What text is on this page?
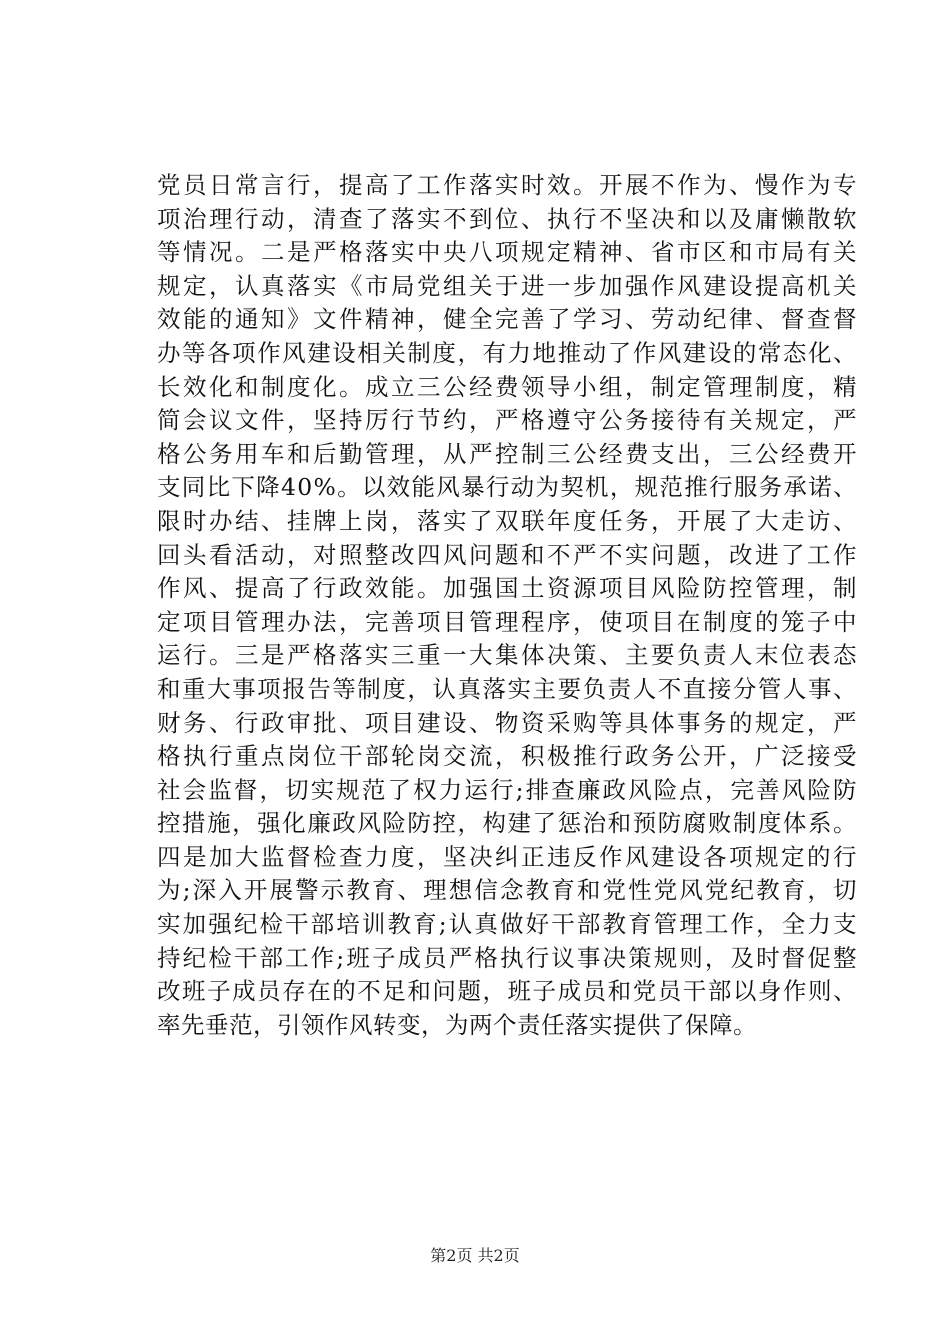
党员日常言行，提高了工作落实时效。开展不作为、慢作为专
项治理行动，清查了落实不到位、执行不坚决和以及庸懒散软
等情况。二是严格落实中央八项规定精神、省市区和市局有关
规定，认真落实《市局党组关于进一步加强作风建设提高机关
效能的通知》文件精神，健全完善了学习、劳动纪律、督查督
办等各项作风建设相关制度，有力地推动了作风建设的常态化、
长效化和制度化。成立三公经费领导小组，制定管理制度，精
简会议文件，坚持厉行节约，严格遵守公务接待有关规定，严
格公务用车和后勤管理，从严控制三公经费支出，三公经费开
支同比下降40%。以效能风暴行动为契机，规范推行服务承诺、
限时办结、挂牌上岗，落实了双联年度任务，开展了大走访、
回头看活动，对照整改四风问题和不严不实问题，改进了工作
作风、提高了行政效能。加强国土资源项目风险防控管理，制
定项目管理办法，完善项目管理程序，使项目在制度的笼子中
运行。三是严格落实三重一大集体决策、主要负责人末位表态
和重大事项报告等制度，认真落实主要负责人不直接分管人事、
财务、行政审批、项目建设、物资采购等具体事务的规定，严
格执行重点岗位干部轮岗交流，积极推行政务公开，广泛接受
社会监督，切实规范了权力运行;排查廉政风险点，完善风险防
控措施，强化廉政风险防控，构建了惩治和预防腐败制度体系。
四是加大监督检查力度，坚决纠正违反作风建设各项规定的行
为;深入开展警示教育、理想信念教育和党性党风党纪教育，切
实加强纪检干部培训教育;认真做好干部教育管理工作，全力支
持纪检干部工作;班子成员严格执行议事决策规则，及时督促整
改班子成员存在的不足和问题，班子成员和党员干部以身作则、
率先垂范，引领作风转变，为两个责任落实提供了保障。
第2页 共2页
